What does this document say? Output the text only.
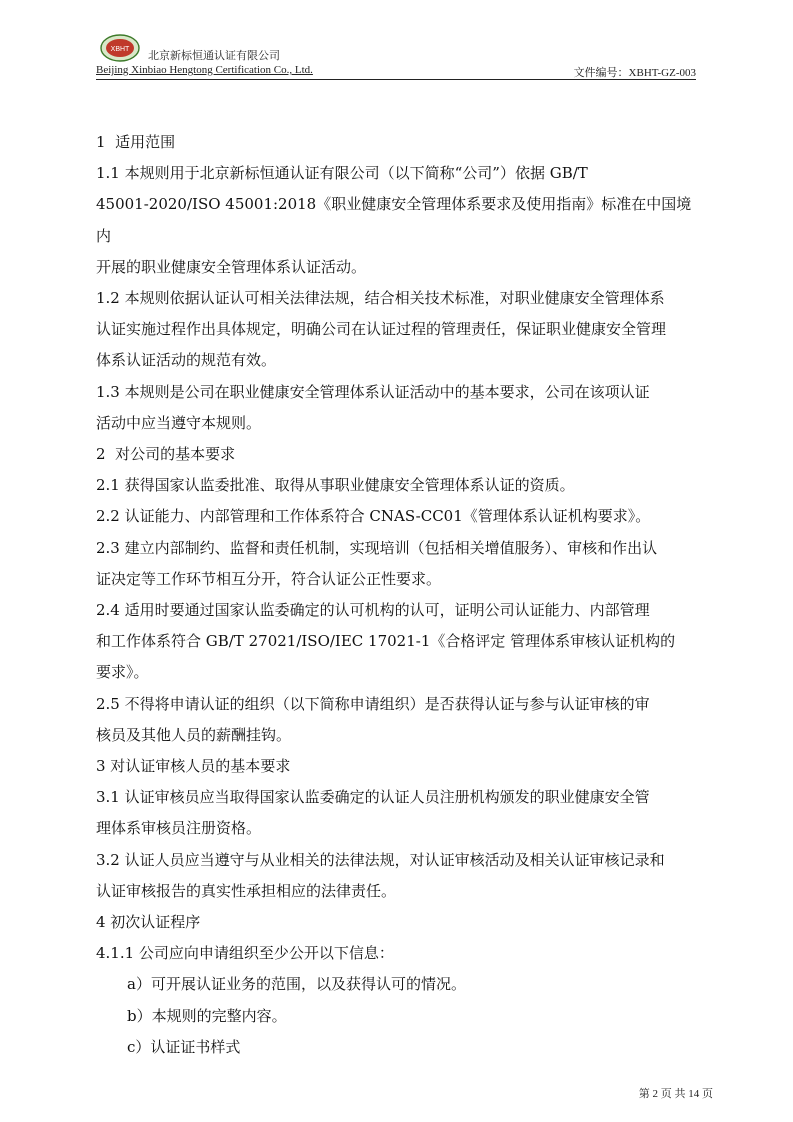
XBHT 北京新标恒通认证有限公司
Beijing Xinbiao Hengtong Certification Co., Ltd.	文件编号：XBHT-GZ-003

1  适用范围

1.1 本规则用于北京新标恒通认证有限公司（以下简称“公司”）依据 GB/T

45001-2020/ISO 45001:2018《职业健康安全管理体系要求及使用指南》标准在中国境内

开展的职业健康安全管理体系认证活动。

1.2 本规则依据认证认可相关法律法规，结合相关技术标准，对职业健康安全管理体系

认证实施过程作出具体规定，明确公司在认证过程的管理责任，保证职业健康安全管理

体系认证活动的规范有效。

1.3 本规则是公司在职业健康安全管理体系认证活动中的基本要求，公司在该项认证

活动中应当遵守本规则。

2  对公司的基本要求

2.1 获得国家认监委批准、取得从事职业健康安全管理体系认证的资质。

2.2 认证能力、内部管理和工作体系符合 CNAS-CC01《管理体系认证机构要求》。

2.3 建立内部制约、监督和责任机制，实现培训（包括相关增值服务）、审核和作出认

证决定等工作环节相互分开，符合认证公正性要求。

2.4 适用时要通过国家认监委确定的认可机构的认可，证明公司认证能力、内部管理

和工作体系符合 GB/T 27021/ISO/IEC 17021-1《合格评定 管理体系审核认证机构的

要求》。

2.5 不得将申请认证的组织（以下简称申请组织）是否获得认证与参与认证审核的审

核员及其他人员的薪酬挂钩。

3 对认证审核人员的基本要求

3.1 认证审核员应当取得国家认监委确定的认证人员注册机构颁发的职业健康安全管

理体系审核员注册资格。

3.2 认证人员应当遵守与从业相关的法律法规，对认证审核活动及相关认证审核记录和

认证审核报告的真实性承担相应的法律责任。

4 初次认证程序

4.1.1 公司应向申请组织至少公开以下信息：

a）可开展认证业务的范围，以及获得认可的情况。

b）本规则的完整内容。

c）认证证书样式

第 2 页 共 14 页
